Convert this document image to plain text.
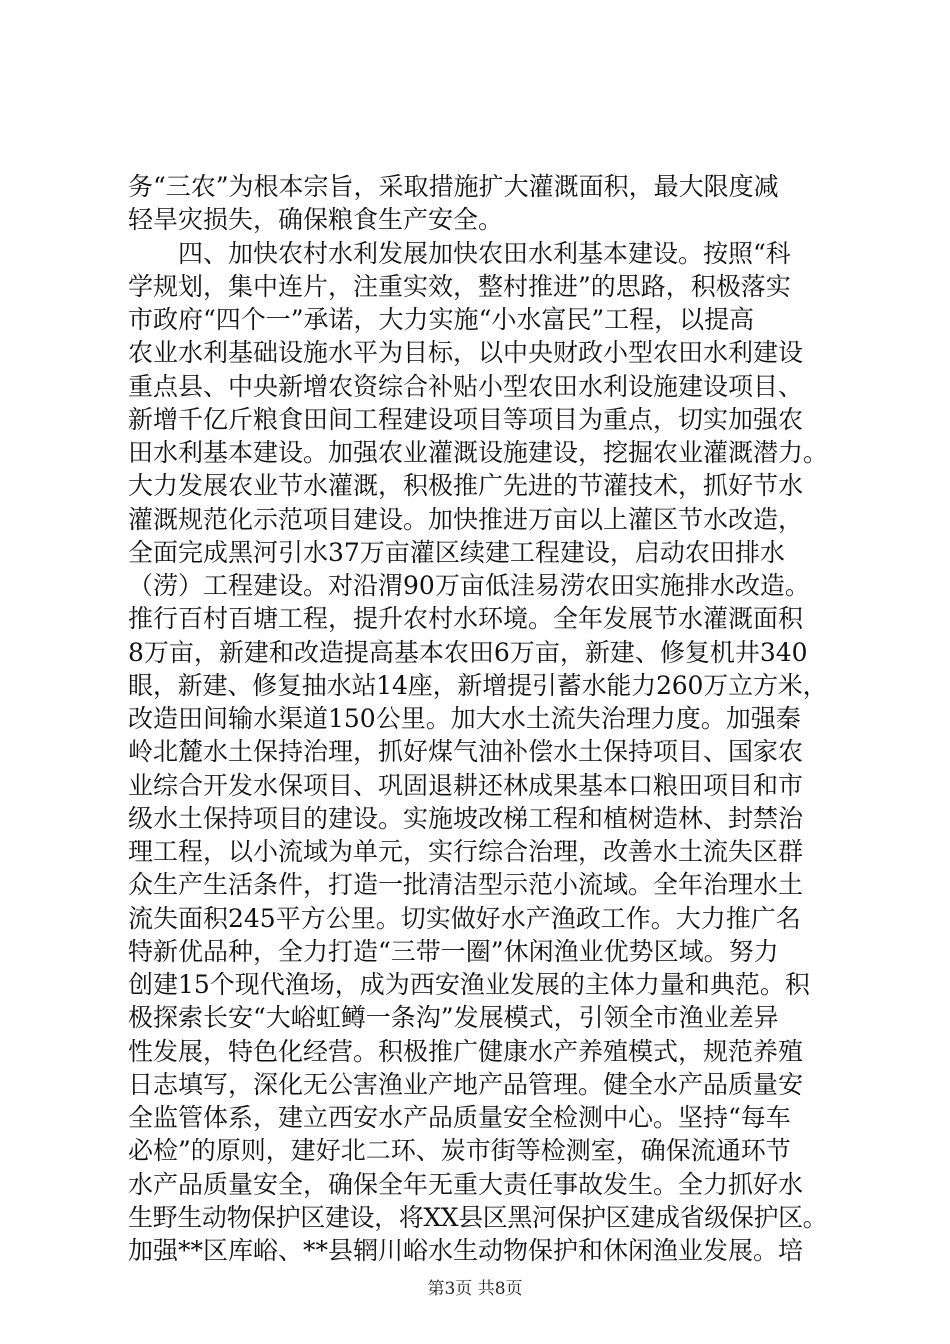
务“三农”为根本宗旨，采取措施扩大灌溉面积，最大限度减
轻旱灾损失，确保粮食生产安全。
四、加快农村水利发展加快农田水利基本建设。按照“科
学规划，集中连片，注重实效，整村推进”的思路，积极落实
市政府“四个一”承诺，大力实施“小水富民”工程，以提高
农业水利基础设施水平为目标，以中央财政小型农田水利建设
重点县、中央新增农资综合补贴小型农田水利设施建设项目、
新增千亿斤粮食田间工程建设项目等项目为重点，切实加强农
田水利基本建设。加强农业灌溉设施建设，挖掘农业灌溉潜力。
大力发展农业节水灌溉，积极推广先进的节灌技术，抓好节水
灌溉规范化示范项目建设。加快推进万亩以上灌区节水改造，
全面完成黑河引水37万亩灌区续建工程建设，启动农田排水
（涝）工程建设。对沿渭90万亩低洼易涝农田实施排水改造。
推行百村百塘工程，提升农村水环境。全年发展节水灌溉面积
8万亩，新建和改造提高基本农田6万亩，新建、修复机井340
眼，新建、修复抽水站14座，新增提引蓄水能力260万立方米，
改造田间输水渠道150公里。加大水土流失治理力度。加强秦
岭北麓水土保持治理，抓好煤气油补偿水土保持项目、国家农
业综合开发水保项目、巩固退耕还林成果基本口粮田项目和市
级水土保持项目的建设。实施坡改梯工程和植树造林、封禁治
理工程，以小流域为单元，实行综合治理，改善水土流失区群
众生产生活条件，打造一批清洁型示范小流域。全年治理水土
流失面积245平方公里。切实做好水产渔政工作。大力推广名
特新优品种，全力打造“三带一圈”休闲渔业优势区域。努力
创建15个现代渔场，成为西安渔业发展的主体力量和典范。积
极探索长安“大峪虹鳟一条沟”发展模式，引领全市渔业差异
性发展，特色化经营。积极推广健康水产养殖模式，规范养殖
日志填写，深化无公害渔业产地产品管理。健全水产品质量安
全监管体系，建立西安水产品质量安全检测中心。坚持“每车
必检”的原则，建好北二环、炭市街等检测室，确保流通环节
水产品质量安全，确保全年无重大责任事故发生。全力抓好水
生野生动物保护区建设，将XX县区黑河保护区建成省级保护区。
加强**区库峪、**县辋川峪水生动物保护和休闲渔业发展。培
第3页 共8页
